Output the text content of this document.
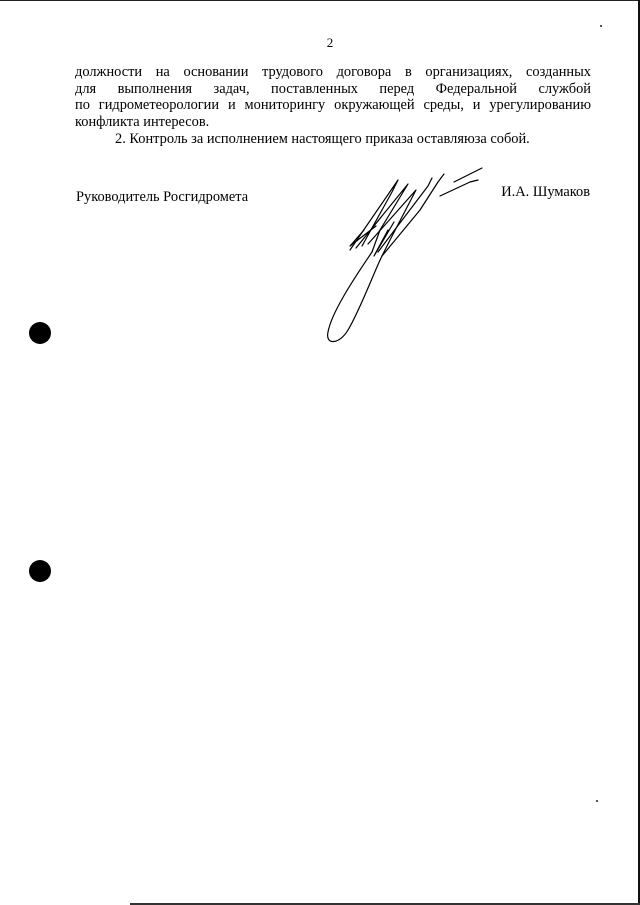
2

должности на основании трудового договора в организациях, созданных

для выполнения задач, поставленных перед Федеральной службой

по гидрометеорологии и мониторингу окружающей среды, и урегулированию

конфликта интересов.

2. Контроль за исполнением настоящего приказа оставляюза собой.

Руководитель Росгидромета	И.А. Шумаков
